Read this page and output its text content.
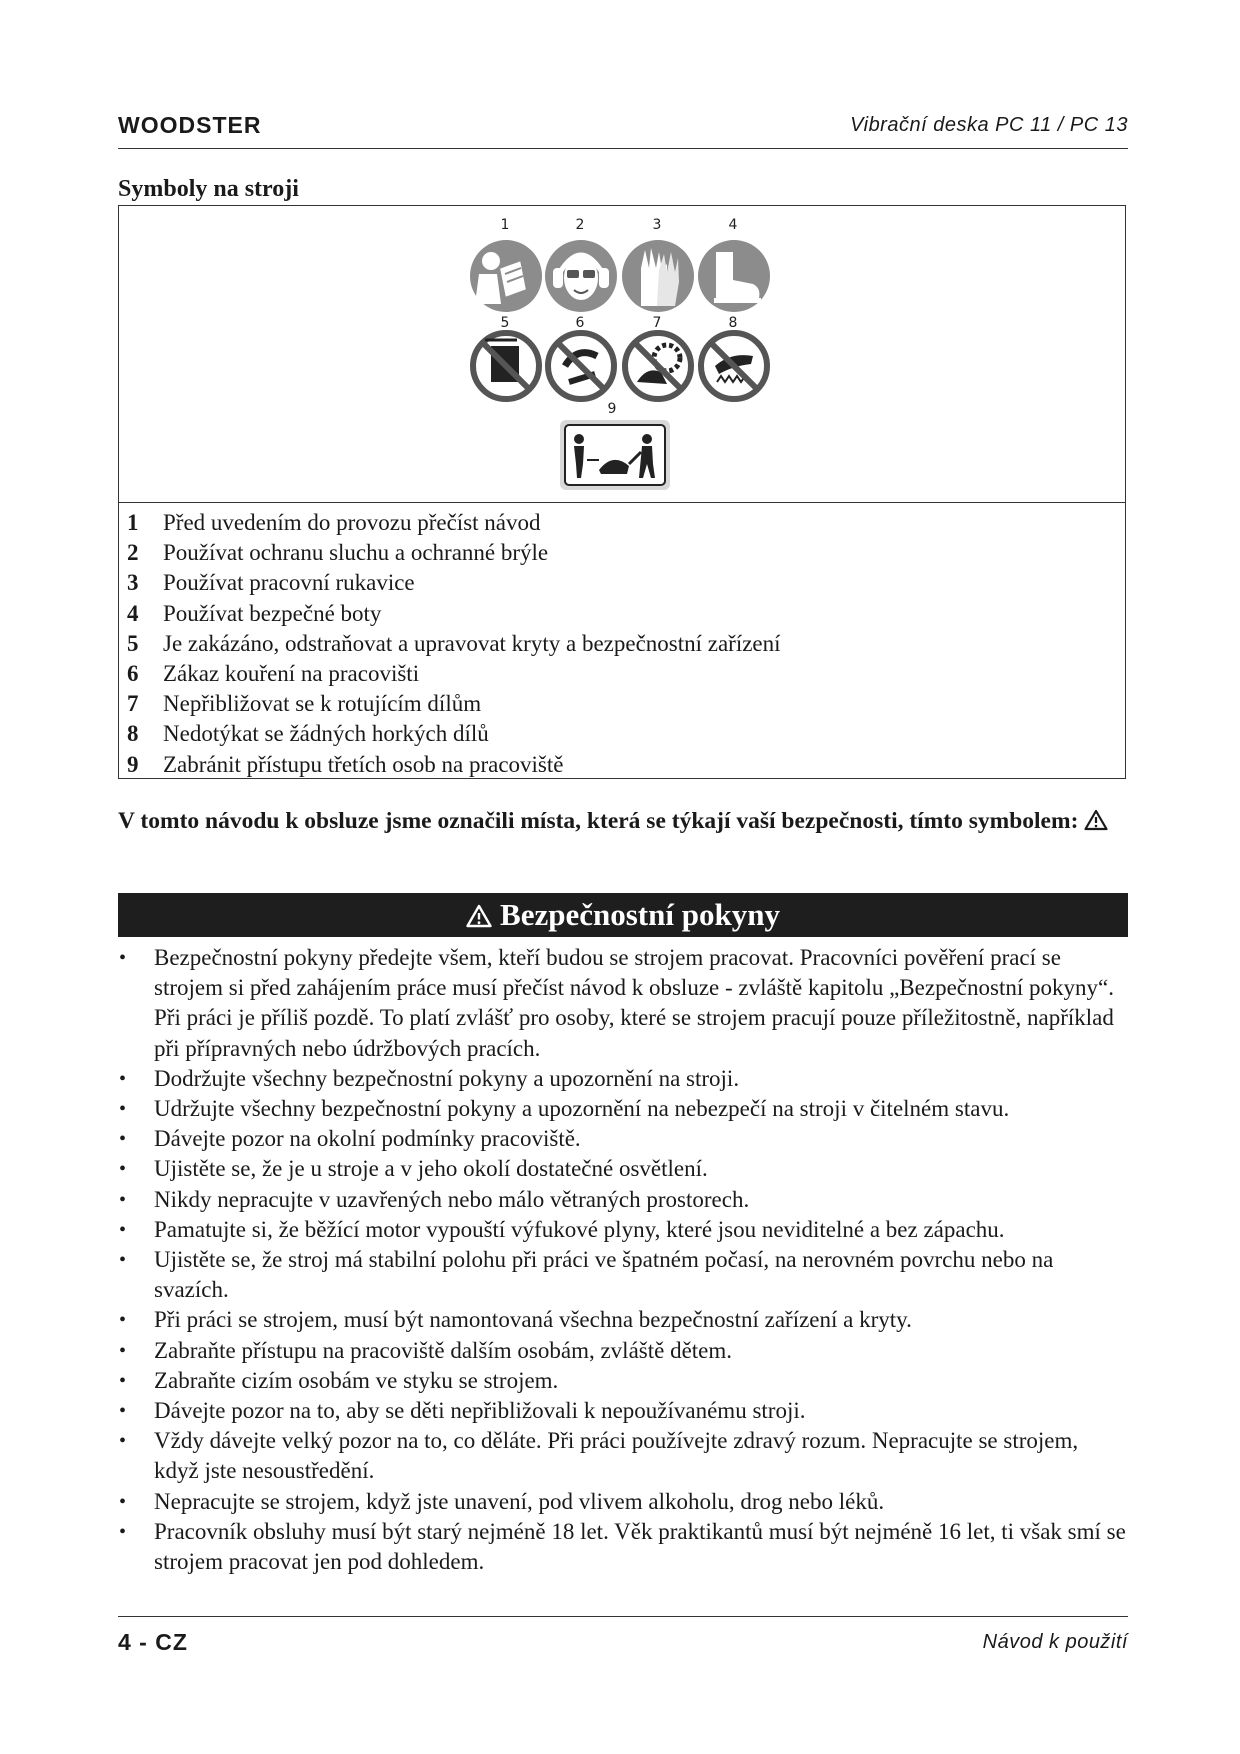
WOODSTER	Vibrační deska PC 11 / PC 13
Symboly na stroji
1	2	3	4
5	6	7	8
9
1 Před uvedením do provozu přečíst návod
2 Používat ochranu sluchu a ochranné brýle
3 Používat pracovní rukavice
4 Používat bezpečné boty
5 Je zakázáno, odstraňovat a upravovat kryty a bezpečnostní zařízení
6 Zákaz kouření na pracovišti
7 Nepřibližovat se k rotujícím dílům
8 Nedotýkat se žádných horkých dílů
9 Zabránit přístupu třetích osob na pracoviště
V tomto návodu k obsluze jsme označili místa, která se týkají vaší bezpečnosti, tímto symbolem:
Bezpečnostní pokyny
• Bezpečnostní pokyny předejte všem, kteří budou se strojem pracovat. Pracovníci pověření prací se strojem si před zahájením práce musí přečíst návod k obsluze - zvláště kapitolu „Bezpečnostní pokyny“. Při práci je příliš pozdě. To platí zvlášť pro osoby, které se strojem pracují pouze příležitostně, například při přípravných nebo údržbových pracích.
• Dodržujte všechny bezpečnostní pokyny a upozornění na stroji.
• Udržujte všechny bezpečnostní pokyny a upozornění na nebezpečí na stroji v čitelném stavu.
• Dávejte pozor na okolní podmínky pracoviště.
• Ujistěte se, že je u stroje a v jeho okolí dostatečné osvětlení.
• Nikdy nepracujte v uzavřených nebo málo větraných prostorech.
• Pamatujte si, že běžící motor vypouští výfukové plyny, které jsou neviditelné a bez zápachu.
• Ujistěte se, že stroj má stabilní polohu při práci ve špatném počasí, na nerovném povrchu nebo na svazích.
• Při práci se strojem, musí být namontovaná všechna bezpečnostní zařízení a kryty.
• Zabraňte přístupu na pracoviště dalším osobám, zvláště dětem.
• Zabraňte cizím osobám ve styku se strojem.
• Dávejte pozor na to, aby se děti nepřibližovali k nepoužívanému stroji.
• Vždy dávejte velký pozor na to, co děláte. Při práci používejte zdravý rozum. Nepracujte se strojem, když jste nesoustředění.
• Nepracujte se strojem, když jste unavení, pod vlivem alkoholu, drog nebo léků.
• Pracovník obsluhy musí být starý nejméně 18 let. Věk praktikantů musí být nejméně 16 let, ti však smí se strojem pracovat jen pod dohledem.
4 - CZ	Návod k použití
